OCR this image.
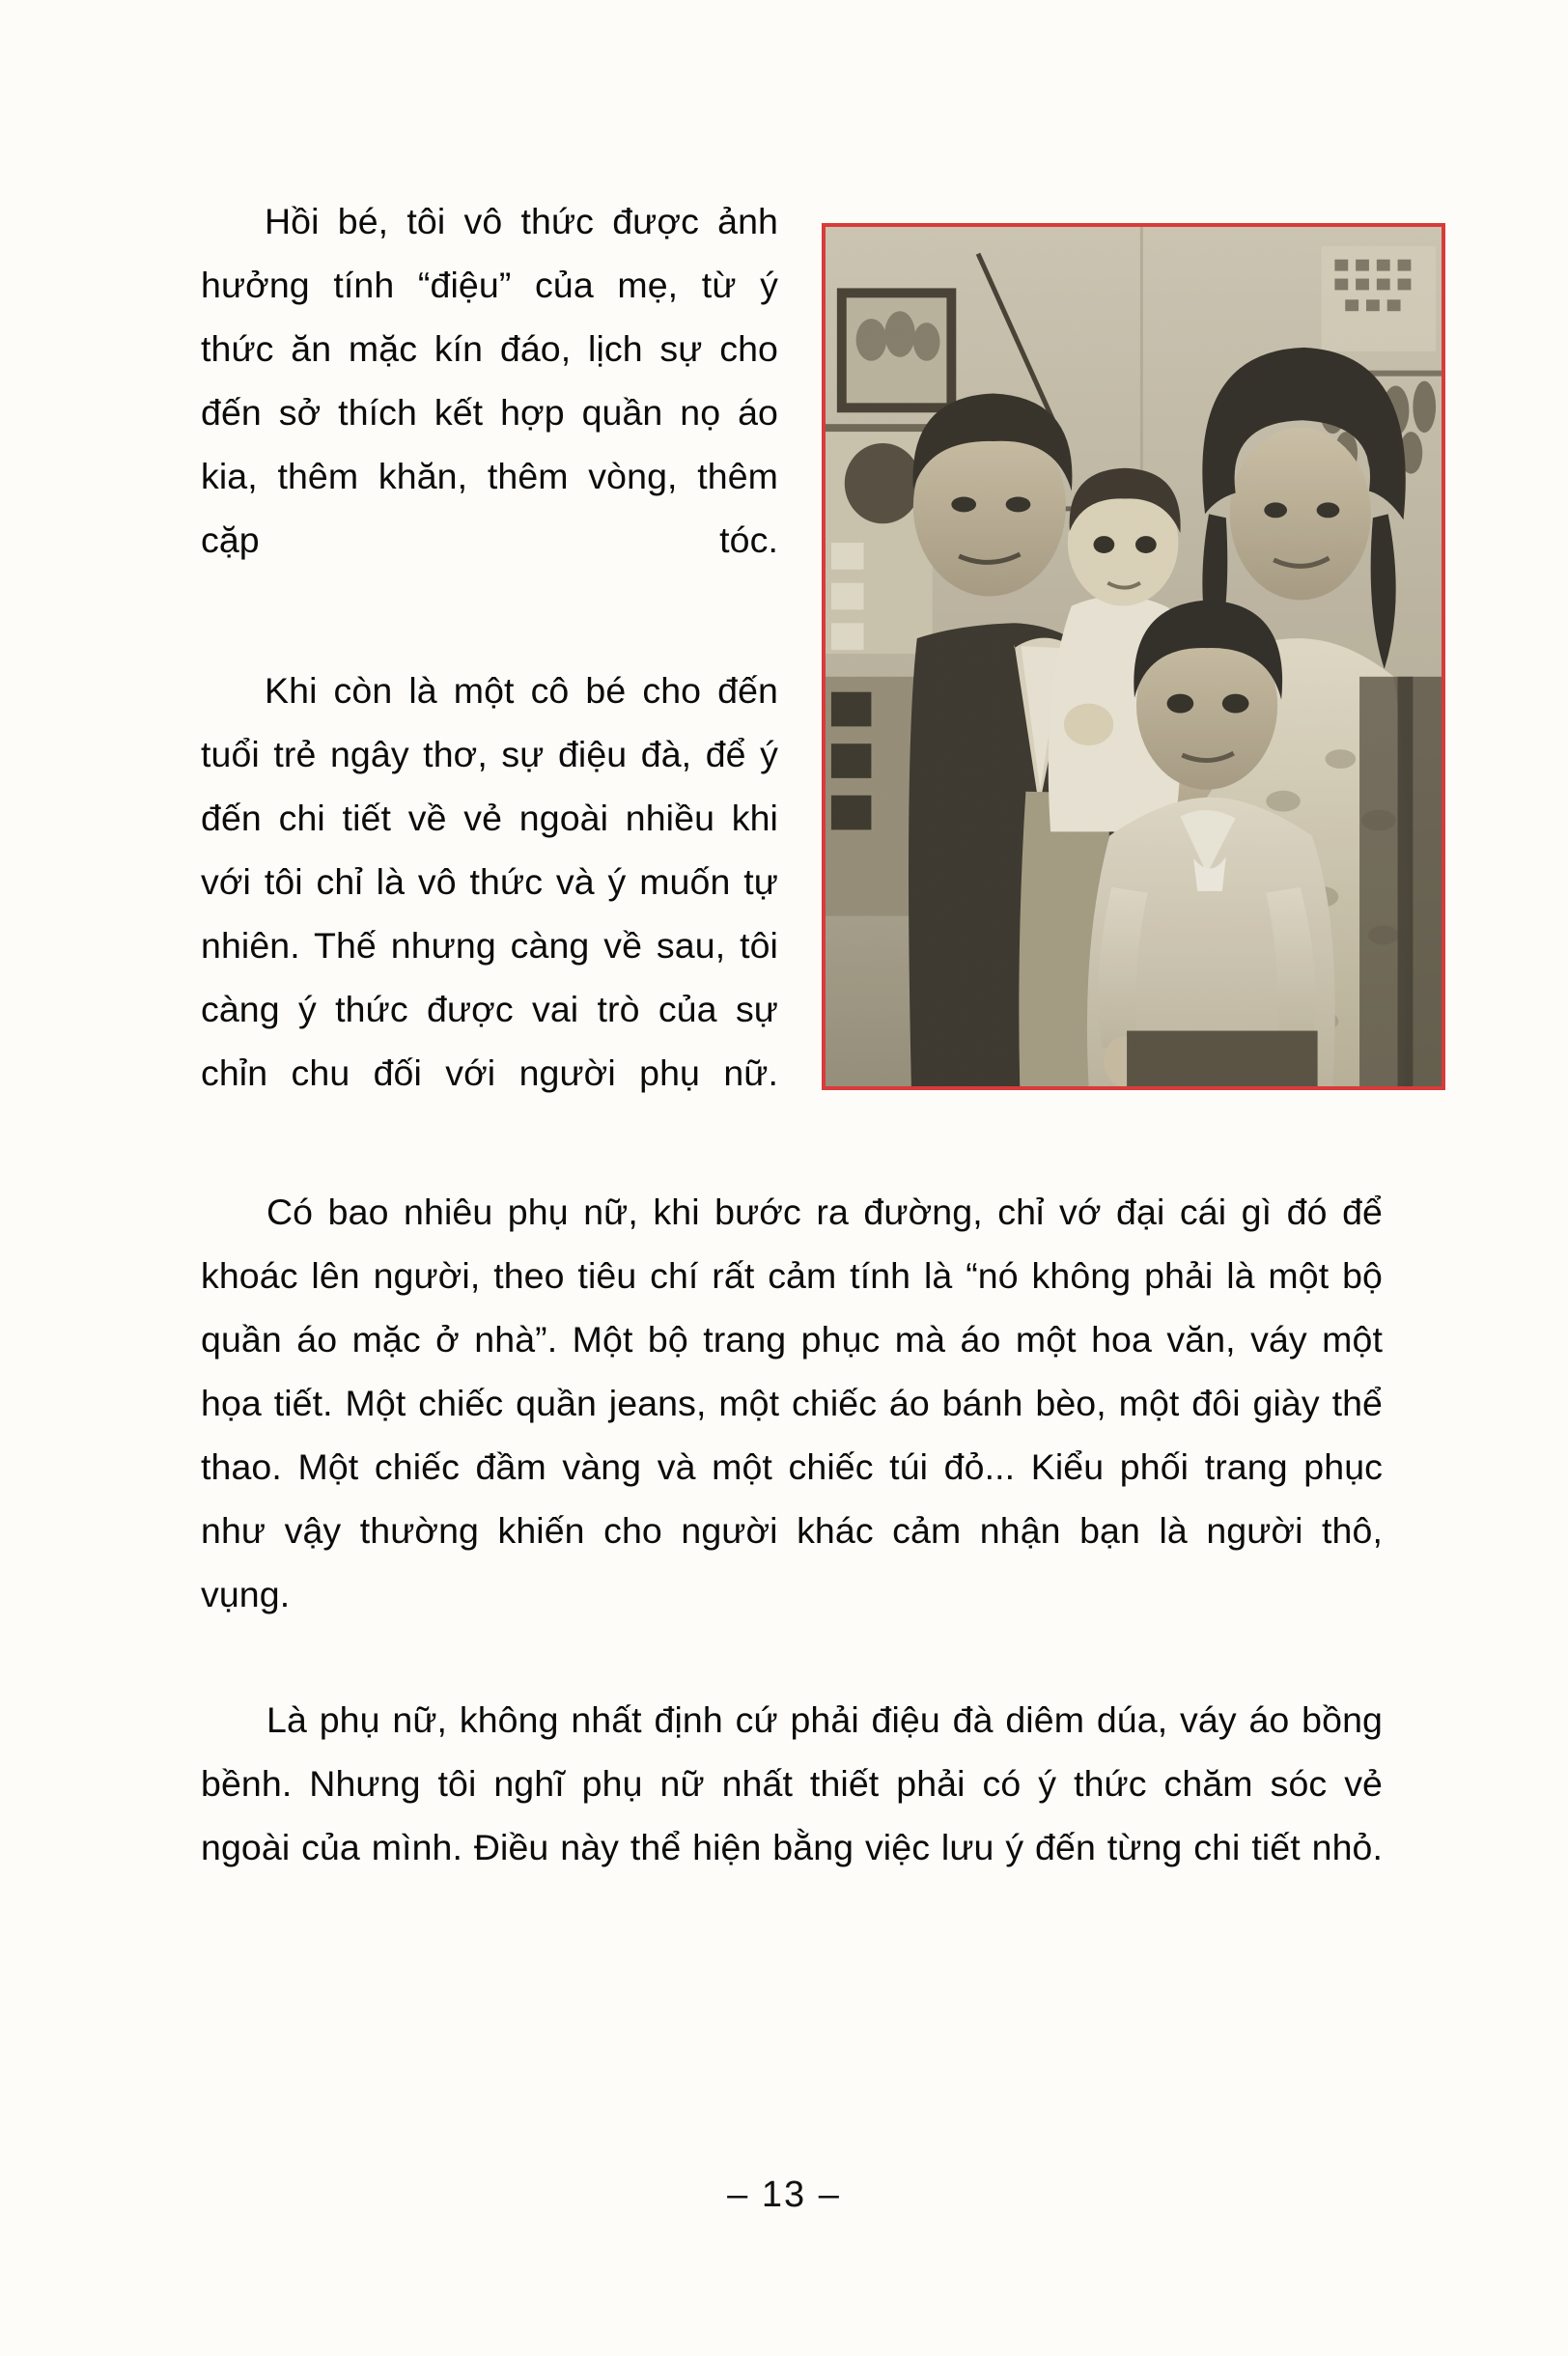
Hồi bé, tôi vô thức được ảnh hưởng tính “điệu” của mẹ, từ ý thức ăn mặc kín đáo, lịch sự cho đến sở thích kết hợp quần nọ áo kia, thêm khăn, thêm vòng, thêm cặp tóc.

Khi còn là một cô bé cho đến tuổi trẻ ngây thơ, sự điệu đà, để ý đến chi tiết về vẻ ngoài nhiều khi với tôi chỉ là vô thức và ý muốn tự nhiên. Thế nhưng càng về sau, tôi càng ý thức được vai trò của sự chỉn chu đối với người phụ nữ.

Có bao nhiêu phụ nữ, khi bước ra đường, chỉ vớ đại cái gì đó để khoác lên người, theo tiêu chí rất cảm tính là “nó không phải là một bộ quần áo mặc ở nhà”. Một bộ trang phục mà áo một hoa văn, váy một họa tiết. Một chiếc quần jeans, một chiếc áo bánh bèo, một đôi giày thể thao. Một chiếc đầm vàng và một chiếc túi đỏ... Kiểu phối trang phục như vậy thường khiến cho người khác cảm nhận bạn là người thô, vụng.

Là phụ nữ, không nhất định cứ phải điệu đà diêm dúa, váy áo bồng bềnh. Nhưng tôi nghĩ phụ nữ nhất thiết phải có ý thức chăm sóc vẻ ngoài của mình. Điều này thể hiện bằng việc lưu ý đến từng chi tiết nhỏ.

– 13 –
